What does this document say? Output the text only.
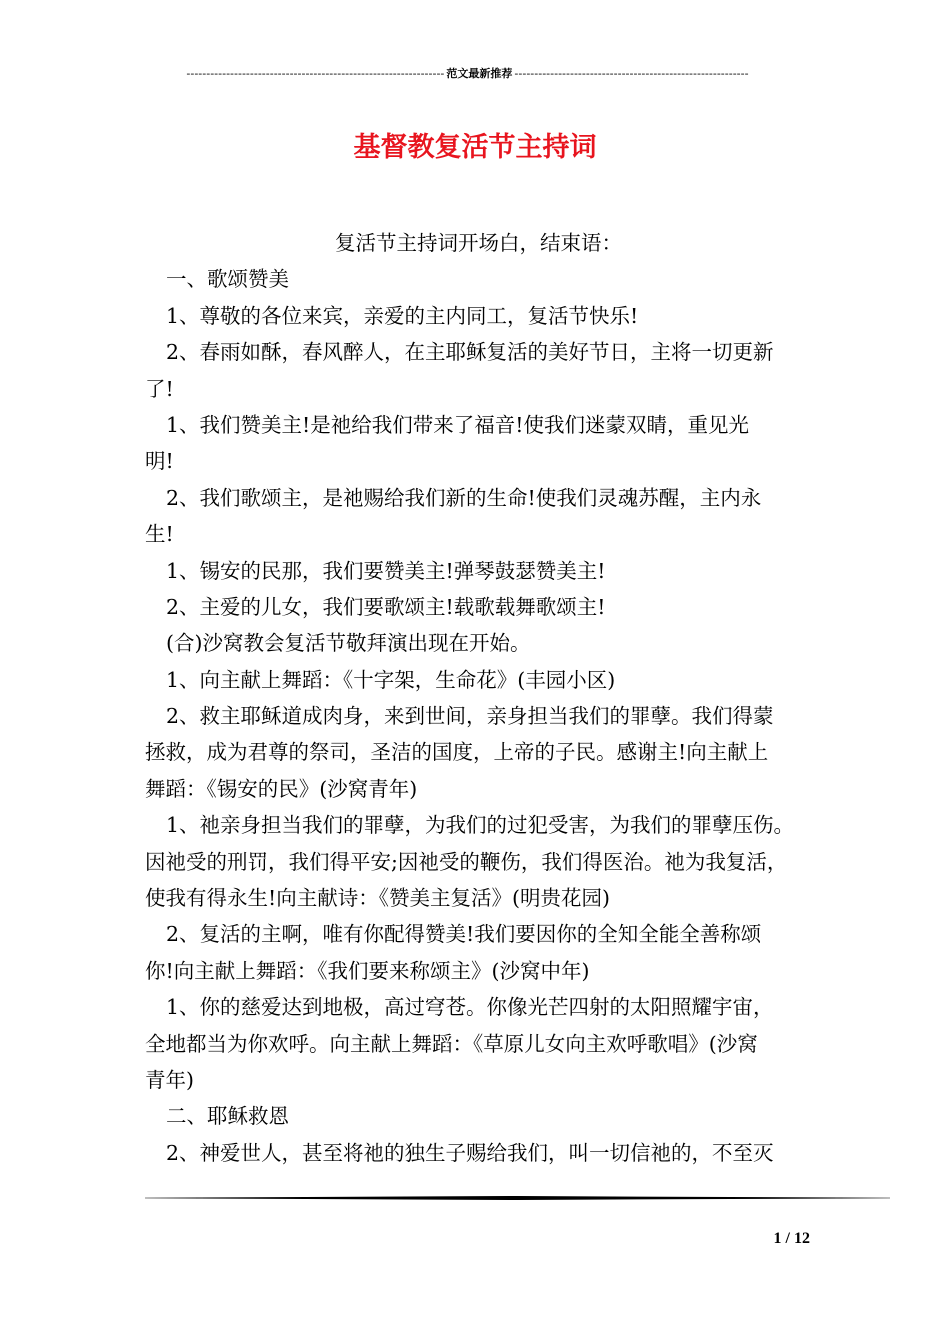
----------------------------------------------------------------- 范文最新推荐 -----------------------------------------------------------
基督教复活节主持词
复活节主持词开场白，结束语：
一、歌颂赞美
1、尊敬的各位来宾，亲爱的主内同工，复活节快乐!
2、春雨如酥，春风醉人，在主耶稣复活的美好节日，主将一切更新
了!
1、我们赞美主!是祂给我们带来了福音!使我们迷蒙双睛，重见光
明!
2、我们歌颂主，是祂赐给我们新的生命!使我们灵魂苏醒，主内永
生!
1、锡安的民那，我们要赞美主!弹琴鼓瑟赞美主!
2、主爱的儿女，我们要歌颂主!载歌载舞歌颂主!
(合)沙窝教会复活节敬拜演出现在开始。
1、向主献上舞蹈：《十字架，生命花》(丰园小区)
2、救主耶稣道成肉身，来到世间，亲身担当我们的罪孽。我们得蒙
拯救，成为君尊的祭司，圣洁的国度，上帝的子民。感谢主!向主献上
舞蹈：《锡安的民》(沙窝青年)
1、祂亲身担当我们的罪孽，为我们的过犯受害，为我们的罪孽压伤。
因祂受的刑罚，我们得平安;因祂受的鞭伤，我们得医治。祂为我复活，
使我有得永生!向主献诗：《赞美主复活》(明贵花园)
2、复活的主啊，唯有你配得赞美!我们要因你的全知全能全善称颂
你!向主献上舞蹈：《我们要来称颂主》(沙窝中年)
1、你的慈爱达到地极，高过穹苍。你像光芒四射的太阳照耀宇宙，
全地都当为你欢呼。向主献上舞蹈：《草原儿女向主欢呼歌唱》(沙窝
青年)
二、耶稣救恩
2、神爱世人，甚至将祂的独生子赐给我们，叫一切信祂的，不至灭
1 / 12
